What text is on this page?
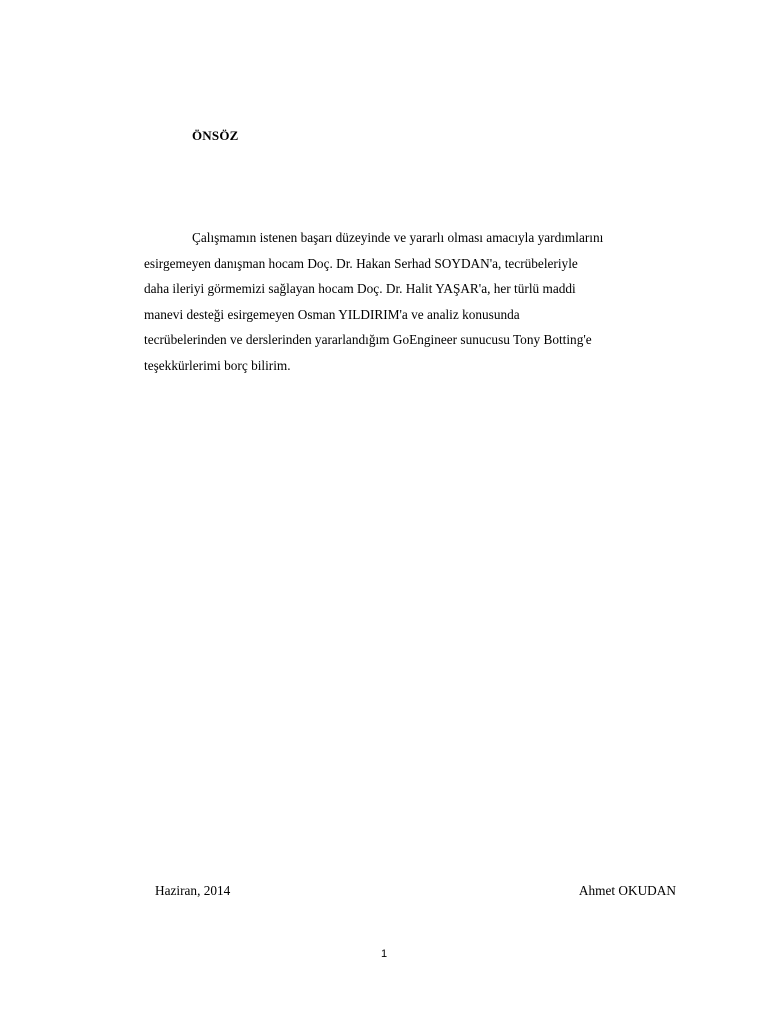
ÖNSÖZ
Çalışmamın istenen başarı düzeyinde ve yararlı olması amacıyla yardımlarını
esirgemeyen danışman hocam Doç. Dr. Hakan Serhad SOYDAN'a, tecrübeleriyle
daha ileriyi görmemizi sağlayan hocam Doç. Dr. Halit YAŞAR'a, her türlü maddi
manevi desteği esirgemeyen Osman YILDIRIM'a ve analiz konusunda
tecrübelerinden ve derslerinden yararlandığım GoEngineer sunucusu Tony Botting'e
teşekkürlerimi borç bilirim.

Haziran, 2014	Ahmet OKUDAN

1
